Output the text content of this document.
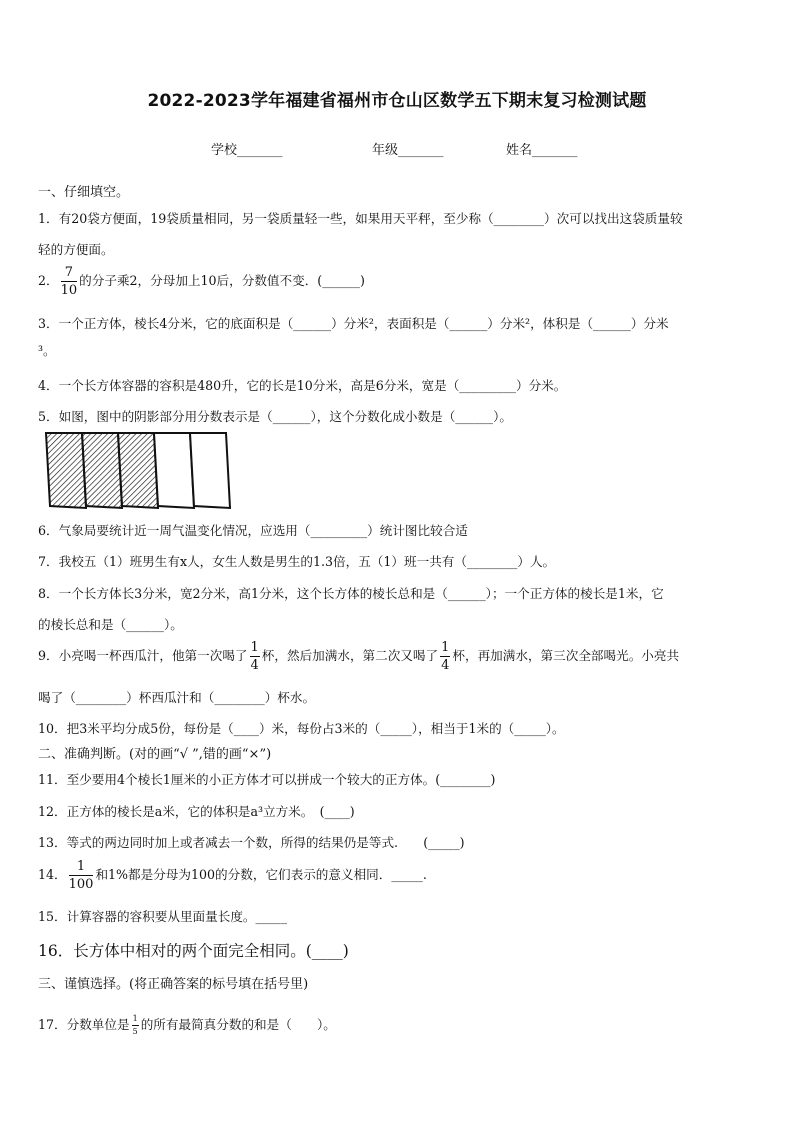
2022-2023学年福建省福州市仓山区数学五下期末复习检测试题
学校_______	年级_______	姓名_______
一、仔细填空。
1．有20袋方便面，19袋质量相同，另一袋质量轻一些，如果用天平秤，至少称（________）次可以找出这袋质量较
轻的方便面。
2． $\frac{7}{10}$ 的分子乘2，分母加上10后，分数值不变．(______)
3．一个正方体，棱长4分米，它的底面积是（______）分米²，表面积是（______）分米²，体积是（______）分米
³。
4．一个长方体容器的容积是480升，它的长是10分米，高是6分米，宽是（_________）分米。
5．如图，图中的阴影部分用分数表示是（______），这个分数化成小数是（______）。
6．气象局要统计近一周气温变化情况，应选用（_________）统计图比较合适
7．我校五（1）班男生有x人，女生人数是男生的1.3倍，五（1）班一共有（________）人。
8．一个长方体长3分米，宽2分米，高1分米，这个长方体的棱长总和是（______）；一个正方体的棱长是1米，它
的棱长总和是（______）。
9．小亮喝一杯西瓜汁，他第一次喝了 $\frac{1}{4}$ 杯，然后加满水，第二次又喝了 $\frac{1}{4}$ 杯，再加满水，第三次全部喝光。小亮共
喝了（________）杯西瓜汁和（________）杯水。
10．把3米平均分成5份，每份是（____）米，每份占3米的（_____），相当于1米的（_____）。
二、准确判断。(对的画“√ ”,错的画“×”)
11．至少要用4个棱长1厘米的小正方体才可以拼成一个较大的正方体。(________)
12．正方体的棱长是a米，它的体积是a³立方米。　(____)
13．等式的两边同时加上或者减去一个数，所得的结果仍是等式.　　(_____)
14． $\frac{1}{100}$ 和1%都是分母为100的分数，它们表示的意义相同．_____.
15．计算容器的容积要从里面量长度。_____
16．长方体中相对的两个面完全相同。(____)
三、谨慎选择。(将正确答案的标号填在括号里)
17．分数单位是 $\frac{1}{5}$ 的所有最简真分数的和是（　　）。
